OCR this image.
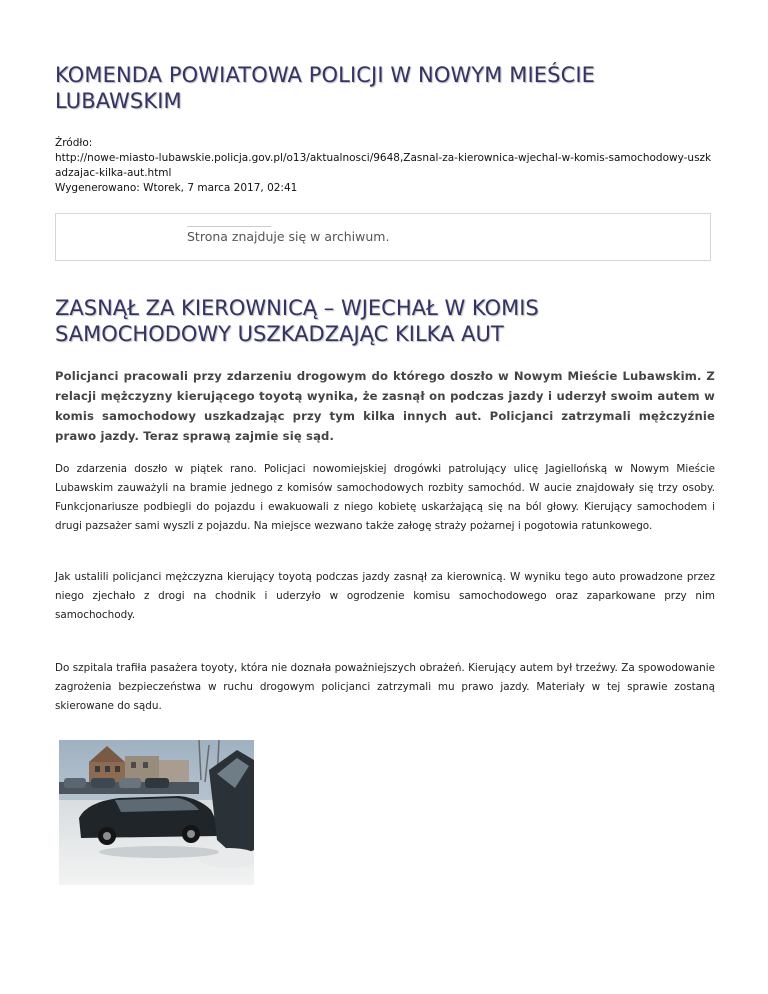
KOMENDA POWIATOWA POLICJI W NOWYM MIEŚCIE LUBAWSKIM
Źródło:
http://nowe-miasto-lubawskie.policja.gov.pl/o13/aktualnosci/9648,Zasnal-za-kierownica-wjechal-w-komis-samochodowy-uszkadzajac-kilka-aut.html
Wygenerowano: Wtorek, 7 marca 2017, 02:41
Strona znajduje się w archiwum.
ZASNĄŁ ZA KIEROWNICĄ – WJECHAŁ W KOMIS SAMOCHODOWY USZKADZAJĄC KILKA AUT

Policjanci pracowali przy zdarzeniu drogowym do którego doszło w Nowym Mieście Lubawskim. Z relacji mężczyzny kierującego toyotą wynika, że zasnął on podczas jazdy i uderzył swoim autem w komis samochodowy uszkadzając przy tym kilka innych aut. Policjanci zatrzymali mężczyźnie prawo jazdy. Teraz sprawą zajmie się sąd.

Do zdarzenia doszło w piątek rano. Policjaci nowomiejskiej drogówki patrolujący ulicę Jagiellońską w Nowym Mieście Lubawskim zauważyli na bramie jednego z komisów samochodowych rozbity samochód. W aucie znajdowały się trzy osoby. Funkcjonariusze podbiegli do pojazdu i ewakuowali z niego kobietę uskarżającą się na ból głowy. Kierujący samochodem i drugi pazsażer sami wyszli z pojazdu. Na miejsce wezwano także załogę straży pożarnej i pogotowia ratunkowego.

Jak ustalili policjanci mężczyzna kierujący toyotą podczas jazdy zasnął za kierownicą. W wyniku tego auto prowadzone przez niego zjechało z drogi na chodnik i uderzyło w ogrodzenie komisu samochodowego oraz zaparkowane przy nim samochochody.

Do szpitala trafiła pasażera toyoty, która nie doznała poważniejszych obrażeń. Kierujący autem był trzeźwy. Za spowodowanie zagrożenia bezpieczeństwa w ruchu drogowym policjanci zatrzymali mu prawo jazdy. Materiały w tej sprawie zostaną skierowane do sądu.
